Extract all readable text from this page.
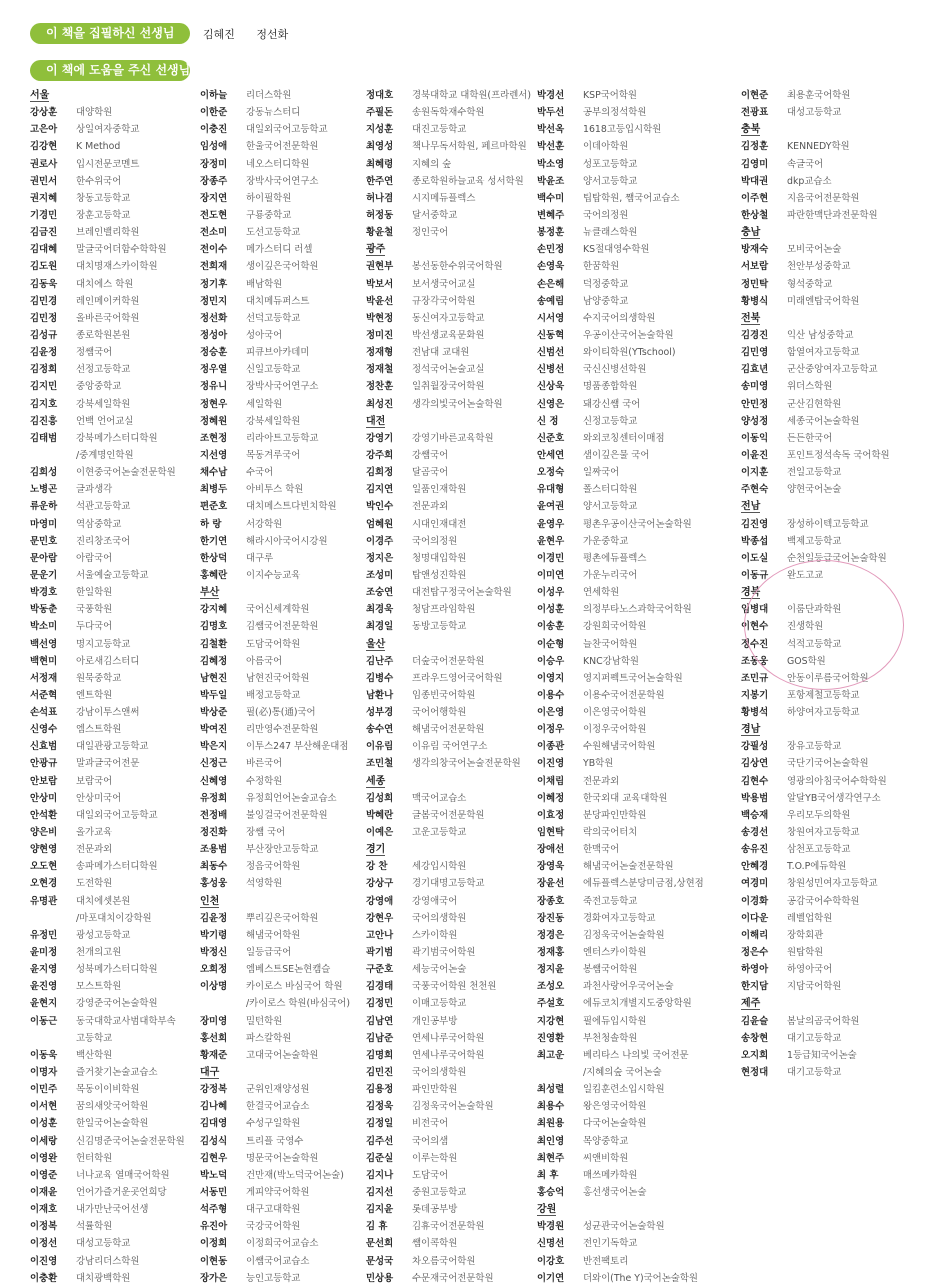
이 책을 집필하신 선생님	김혜진 정선화
이 책에 도움을 주신 선생님
서울
강상훈 대양학원
고은아 상일여자중학교
김강현 K Method
권로사 입시전문코멘트
권민서 한수위국어
권지혜 창동고등학교
기경민 장훈고등학교
김금진 브레인밸리학원
김대혜 말글국어더함수학학원
김도원 대치명재스카이학원
김동욱 대치에스 학원
김민경 레인메이커학원
김민정 올바른국어학원
김성규 종로학원본원
김윤정 정쌤국어
김정희 선정고등학교
김지민 중앙중학교
김지호 강북세일학원
김진흥 언백 언어교실
김태범 강북메가스터디학원
/중계명인학원
김희성 이현중국어논술전문학원
노병곤 글과생각
류운하 석관고등학교
마영미 역삼중학교
문민호 진리창조국어
문아람 아람국어
문운기 서울예술고등학교
박경호 한일학원
박동춘 국풍학원
박소미 두다국어
백선영 명지고등학교
백현미 아로새김스터디
서정재 원묵중학교
서준혁 엔트학원
손석표 강남이투스앤써
신영수 엠스트학원
신효범 대일관광고등학교
안광규 말과글국어전문
안보람 보람국어
안상미 안상미국어
안석환 대일외국어고등학교
양은비 올가교육
양현영 전문과외
오도현 송파메가스터디학원
오현경 도전학원
유명관 대치에셋본원
/마포대치이강학원
유정민 광성고등학교
윤미정 천개의고원
윤지영 성북메가스터디학원
윤진영 모스트학원
윤현지 강영준국어논술학원
이동근 동국대학교사범대학부속
고등학교
이동욱 백산학원
이명자 즐거찾기논술교습소
이민주 목동이이비학원
이서현 꿈의새앗국어학원
이성훈 한일국어논술학원
이세랑 신김명준국어논술전문학원
이영완 헌터학원
이영준 너나교육 열매국어학원
이재윤 언어가즐거운곳언희당
이재호 내가만난국어선생
이정복 석률학원
이정선 대성고등학교
이진영 강남리더스학원
이충환 대치광백학원
이하늘 리더스학원
이한준 강동뉴스터디
이충진 대일외국어고등학교
임성애 한울국어전문학원
장정미 네오스터디학원
장종주 장박사국어연구소
장지연 하이필학원
전도현 구룡중학교
전소미 도선고등학교
전이수 메가스터디 러셀
전희재 생이깊은국어학원
정기후 배남학원
정민지 대치메듀퍼스트
정선화 선덕고등학교
정성아 성아국어
정승훈 피큐브아카데미
정우열 신일고등학교
정유니 장박사국어연구소
정현우 세일학원
정혜원 강북세일학원
조현정 리라아트고등학교
지선영 목동겨루국어
채수남 수국어
최병두 아비투스 학원
편준호 대치메스트다빈치학원
하 랑	서강학원
한기연 해라시아국어시강원
한상덕 대구루
홍혜란 이지수능교육
부산
강지혜 국어신세계학원
김명호 김쌤국어전문학원
김철환 도담국어학원
김혜정 아름국어
남현진 남현진국어학원
박두일 배정고등학교
박상준 필(必)통(通)국어
박여진 리만영수전문학원
박은지 이투스247 부산해운대점
신정근 바른국어
신혜영 수정학원
유정희 유정희언어논술교습소
전정배 불잉걸국어전문학원
정진화 장쌤 국어
조용범 부산장안고등학교
최동수 정음국어학원
홍성웅 석영학원
인천
김윤정 뿌리깊은국어학원
박기령 해냄국어학원
박정신 일등급국어
오희정 엠베스트SE논현캠슬
이상명 카이로스 바심국어 학원
/카이로스 학원(바심국어)
장미영 밀턴학원
홍선희 파스칼학원
황재준 고대국어논술학원
대구
강정복 군위인재양성원
김나혜 한결국어교습소
김대영 수성구일학원
김성식 트리플 국영수
김현우 명문국어논술학원
박노덕 건만재(박노덕국어논술)
서동민 게피약국어학원
석주형 대구고대학원
유진아 국강국어학원
이정희 이정희국어교습소
이현동 이쌤국어교습소
장가은 능인고등학교
정대호 경북대학교 대학원(프라렌서)
주필돈 송원독학재수학원
지성훈 대진고등학교
최영성 책나무독서학원, 페르마학원
최혜령 지혜의 숲
한주연 종로학원하늘교육 성서학원
허나겸 시지메듀플렉스
허정동 달서중학교
황윤철 정인국어
광주
권현부 봉선동한수위국어학원
박보서 보서생국어교실
박윤선 규장각국어학원
박현정 동신여자고등학교
정미진 박선생교육문화원
정재형 전남대 교대원
정재철 정석국어논술교실
정찬훈 일취월장국어학원
최성진 생각의빛국어논술학원
대전
강영기 강영기바른교육학원
강주희 강쌤국어
김희정 달곰국어
김지연 일품인재학원
박인수 전문과외
엄혜원 시대인재대전
이경주 국어의정원
정지은 청명대입학원
조성미 탑앤성진학원
조숭연 대전탑구정국어논술학원
최경욱 청담프라임학원
최경일 동방고등학교
울산
김난주 더숲국어전문학원
김병수 프라우드영어국어학원
남환나 임종빈국어학원
성부경 국어어행학원
송수연 해냄국어전문학원
이유림 이유림 국어연구소
조민철 생각의창국어논술전문학원
세종
김성희 맥국어교습소
박혜란 글봄국어전문학원
이예은 고운고등학교
경기
강 찬	세강입시학원
강상구 경기대명고등학교
강영애 강영애국어
강현우 국어의생학원
고안나 스카이학원
곽기범 곽기범국어학원
구준호 세능국어논술
김경태 국풍국어학원 천천원
김정민 이매고등학교
김남연 개인공부방
김남준 연세나루국어학원
김명희 연세나루국어학원
김민진 국어의생학원
김용정 파인만학원
김정욱 김정욱국어논술학원
김정일 비전국어
김주선 국어의샘
김준실 이루는학원
김지나 도담국어
김지선 중원고등학교
김지윤 롯데공부방
김 휴	김휴국어전문학원
문선희 쌤이콕학원
문성국 차오름국어학원
민상용 수문재국어전문학원
박경선 KSP국어학원
박두선 공부의정석학원
박선옥 1618고등입시학원
박선훈 이데아학원
박소영 성포고등학교
박윤조 양서고등학교
백수미 팁탑학원, 쨈국어교습소
변혜주 국어의정원
봉정훈 뉴클래스학원
손민정 KS절대영수학원
손영욱 한꿈학원
손은해 덕정중학교
송예림 남양중학교
시서영 수지국어의생학원
신동혁 우공이산국어논술학원
신범선 와이티학원(YTschool)
신병선 국신신병선학원
신상욱 명품종합학원
신영은 돼강신쌤 국어
신 정	신정고등학교
신준호 와외코칭센터이매점
안세연 샘이깊은물 국어
오정숙 일짜국어
유대형 폴스터디학원
윤여권 양서고등학교
윤영우 평촌우공이산국어논술학원
윤현우 가운중학교
이경민 평촌에듀플렉스
이미연 가운누리국어
이성우 연세학원
이성훈 의정부타노스과학국어학원
이송훈 강원희국어학원
이순형 늘찬국어학원
이승우 KNC강남학원
이영지 영지퍼펙트국어논술학원
이용수 이용수국어전문학원
이은영 이은영국어학원
이정우 이정우국어학원
이종관 수원해냄국어학원
이진영 YB학원
이채림 전문과외
이혜정 한국외대 교육대학원
이효정 분당파인만학원
임현탁 락의국어터치
장애선 한맥국어
장영욱 해냄국어논술전문학원
장윤선 에듀플렉스분당미금점,상현점
장종호 죽전고등학교
장진동 경화여자고등학교
정경은 김정욱국어논술학원
정재홍 엔터스카이학원
정지윤 봉쌤국어학원
조성오 과천사랑어우국어논술
주설호 에듀코치개별지도중앙학원
지강현 필에듀입시학원
진영환 부천청솔학원
최고운 베리타스 나의빛 국어전문
/지혜의숲 국어논술
최성렬 일킴훈련소입시학원
최용수 왕은영국어학원
최원용 다국어논술학원
최인영 목양중학교
최현주 씨앤비학원
최 후	매쓰메카학원
홍승억 홍선생국어논술
강원
박경원 성균관국어논술학원
신명선 전인기독학교
이강호 반전팩토리
이기연 더와이(The Y)국어논술학원
이현준 최용훈국어학원
전광표 대성고등학교
충북
김정훈 KENNEDY학원
김영미 속글국어
박대권 dkp교습소
이주현 지음국어전문학원
한상철 파란한맥단과전문학원
충남
방재숙 모비국어논술
서보람 천안부성중학교
정민탁 형석중학교
황병식 미래엔탑국어학원
전북
김경진 익산 남성중학교
김민영 함열여자고등학교
김효년 군산중앙여자고등학교
송미영 위더스학원
안민정 군산김현학원
양성정 세종국어논술학원
이동익 든든한국어
이윤진 포인트정석속독 국어학원
이지훈 전일고등학교
주현숙 양현국어논술
전남
김진영 장성하이텍고등학교
박종섭 백제고등학교
이도실 순천일등급국어논술학원
이동규 완도고교
경북
임병대 이룸단과학원
이현수 진생학원
정수진 석적고등학교
조동웅 GOS학원
조민규 안동이루름국어학원
지봉기 포항제철고등학교
황병석 하양여자고등학교
경남
강필성 장유고등학교
김상연 국단기국어논술학원
김현수 영광의아침국어수학학원
박용범 알달YB국어생각연구소
백승재 우리모두의학원
송경선 창원여자고등학교
송유진 삼천포고등학교
안혜경 T.O.P에듀학원
여경미 창원성민여자고등학교
이경화 공감국어수학학원
이다운 레벨업학원
이해리 장학회관
정은수 원탑학원
하영아 하영아국어
한지담 지담국어학원
제주
김윤슬 봄날의곰국어학원
송창현 대기고등학교
오지희 1등급知국어논술
현정대 대기고등학교
